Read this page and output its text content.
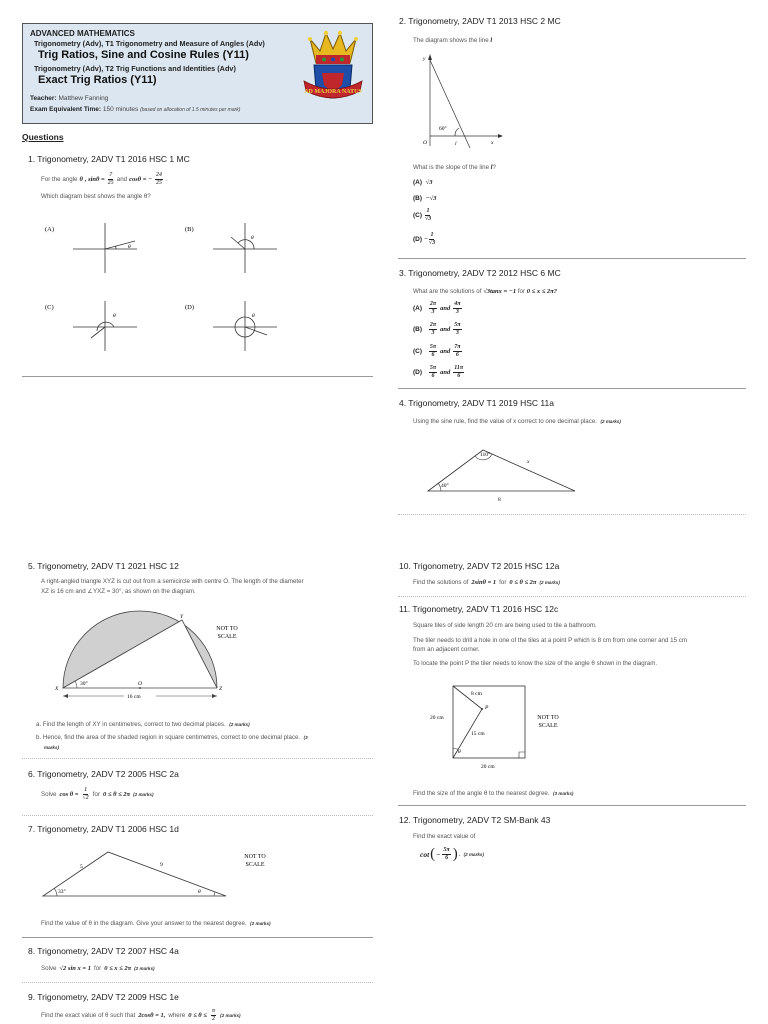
ADVANCED MATHEMATICS
Trigonometry (Adv), T1 Trigonometry and Measure of Angles (Adv)
Trig Ratios, Sine and Cosine Rules (Y11)
Trigonometry (Adv), T2 Trig Functions and Identities (Adv)
Exact Trig Ratios (Y11)
Teacher: Matthew Fanning
Exam Equivalent Time: 150 minutes (based on allocation of 1.5 minutes per mark)
AD MAJORA NATUS
Questions
1. Trigonometry, 2ADV T1 2016 HSC 1 MC
For the angle θ , $\sin\theta = \frac{7}{25}$ and cosθ = − $\frac{24}{25}$ .
Which diagram best shows the angle θ?
(A)	(B)
(C)	(D)
θ
θ
θ	θ
2. Trigonometry, 2ADV T1 2013 HSC 2 MC
The diagram shows the line l
y
x
O
60°
l
What is the slope of the line l?
(A) √3
(B) −√3
(C)
$\frac{1}{√3}$
(D)
− $\frac{1}{√3}$
3. Trigonometry, 2ADV T2 2012 HSC 6 MC
What are the solutions of √3tanx = −1 for 0 ≤ x ≤ 2π?
(A)
$\frac{2\pi}{3}$ and $\frac{4\pi}{3}$
(B)
$\frac{2\pi}{3}$ and $\frac{5\pi}{3}$
(C)
$\frac{5\pi}{6}$ and $\frac{7\pi}{6}$
(D)
$\frac{5\pi}{6}$ and $\frac{11\pi}{6}$
4. Trigonometry, 2ADV T1 2019 HSC 11a
Using the sine rule, find the value of x correct to one decimal place. (2 marks)
110°
40°
x
8
5. Trigonometry, 2ADV T1 2021 HSC 12
A right-angled triangle XYZ is cut out from a semicircle with centre O. The length of the diameter
XZ is 16 cm and ∠YXZ = 30°, as shown on the diagram.
X
Y
Z
O
30°
16 cm
NOT TO
SCALE
a. Find the length of XY in centimetres, correct to two decimal places. (2 marks)
b. Hence, find the area of the shaded region in square centimetres, correct to one decimal place. (3
marks)
6. Trigonometry, 2ADV T2 2005 HSC 2a
Solve $\cos \theta = \frac{1}{√2}$ for 0 ≤ θ ≤ 2π (2 marks)
7. Trigonometry, 2ADV T1 2006 HSC 1d
5	9
33°	θ
NOT TO
SCALE
Find the value of θ in the diagram. Give your answer to the nearest degree. (2 marks)
8. Trigonometry, 2ADV T2 2007 HSC 4a
Solve √2 sin x = 1 for 0 ≤ x ≤ 2π (2 marks)
9. Trigonometry, 2ADV T2 2009 HSC 1e
Find the exact value of θ such that 2cosθ = 1, where $0 \le \theta \le \frac{\pi}{2} (2$ marks)
10. Trigonometry, 2ADV T2 2015 HSC 12a
Find the solutions of 2sinθ = 1 for 0 ≤ θ ≤ 2π (2 marks)
11. Trigonometry, 2ADV T1 2016 HSC 12c
Square tiles of side length 20 cm are being used to tile a bathroom.
The tiler needs to drill a hole in one of the tiles at a point P which is 8 cm from one corner and 15 cm
from an adjacent corner.
To locate the point P the tiler needs to know the size of the angle θ shown in the diagram.
8 cm
P
15 cm
20 cm
20 cm
θ
NOT TO
SCALE
Find the size of the angle θ to the nearest degree. (3 marks)
12. Trigonometry, 2ADV T2 SM-Bank 43
Find the exact value of
cot ( − $\frac{5\pi}{6}$ ) . (2 marks)
